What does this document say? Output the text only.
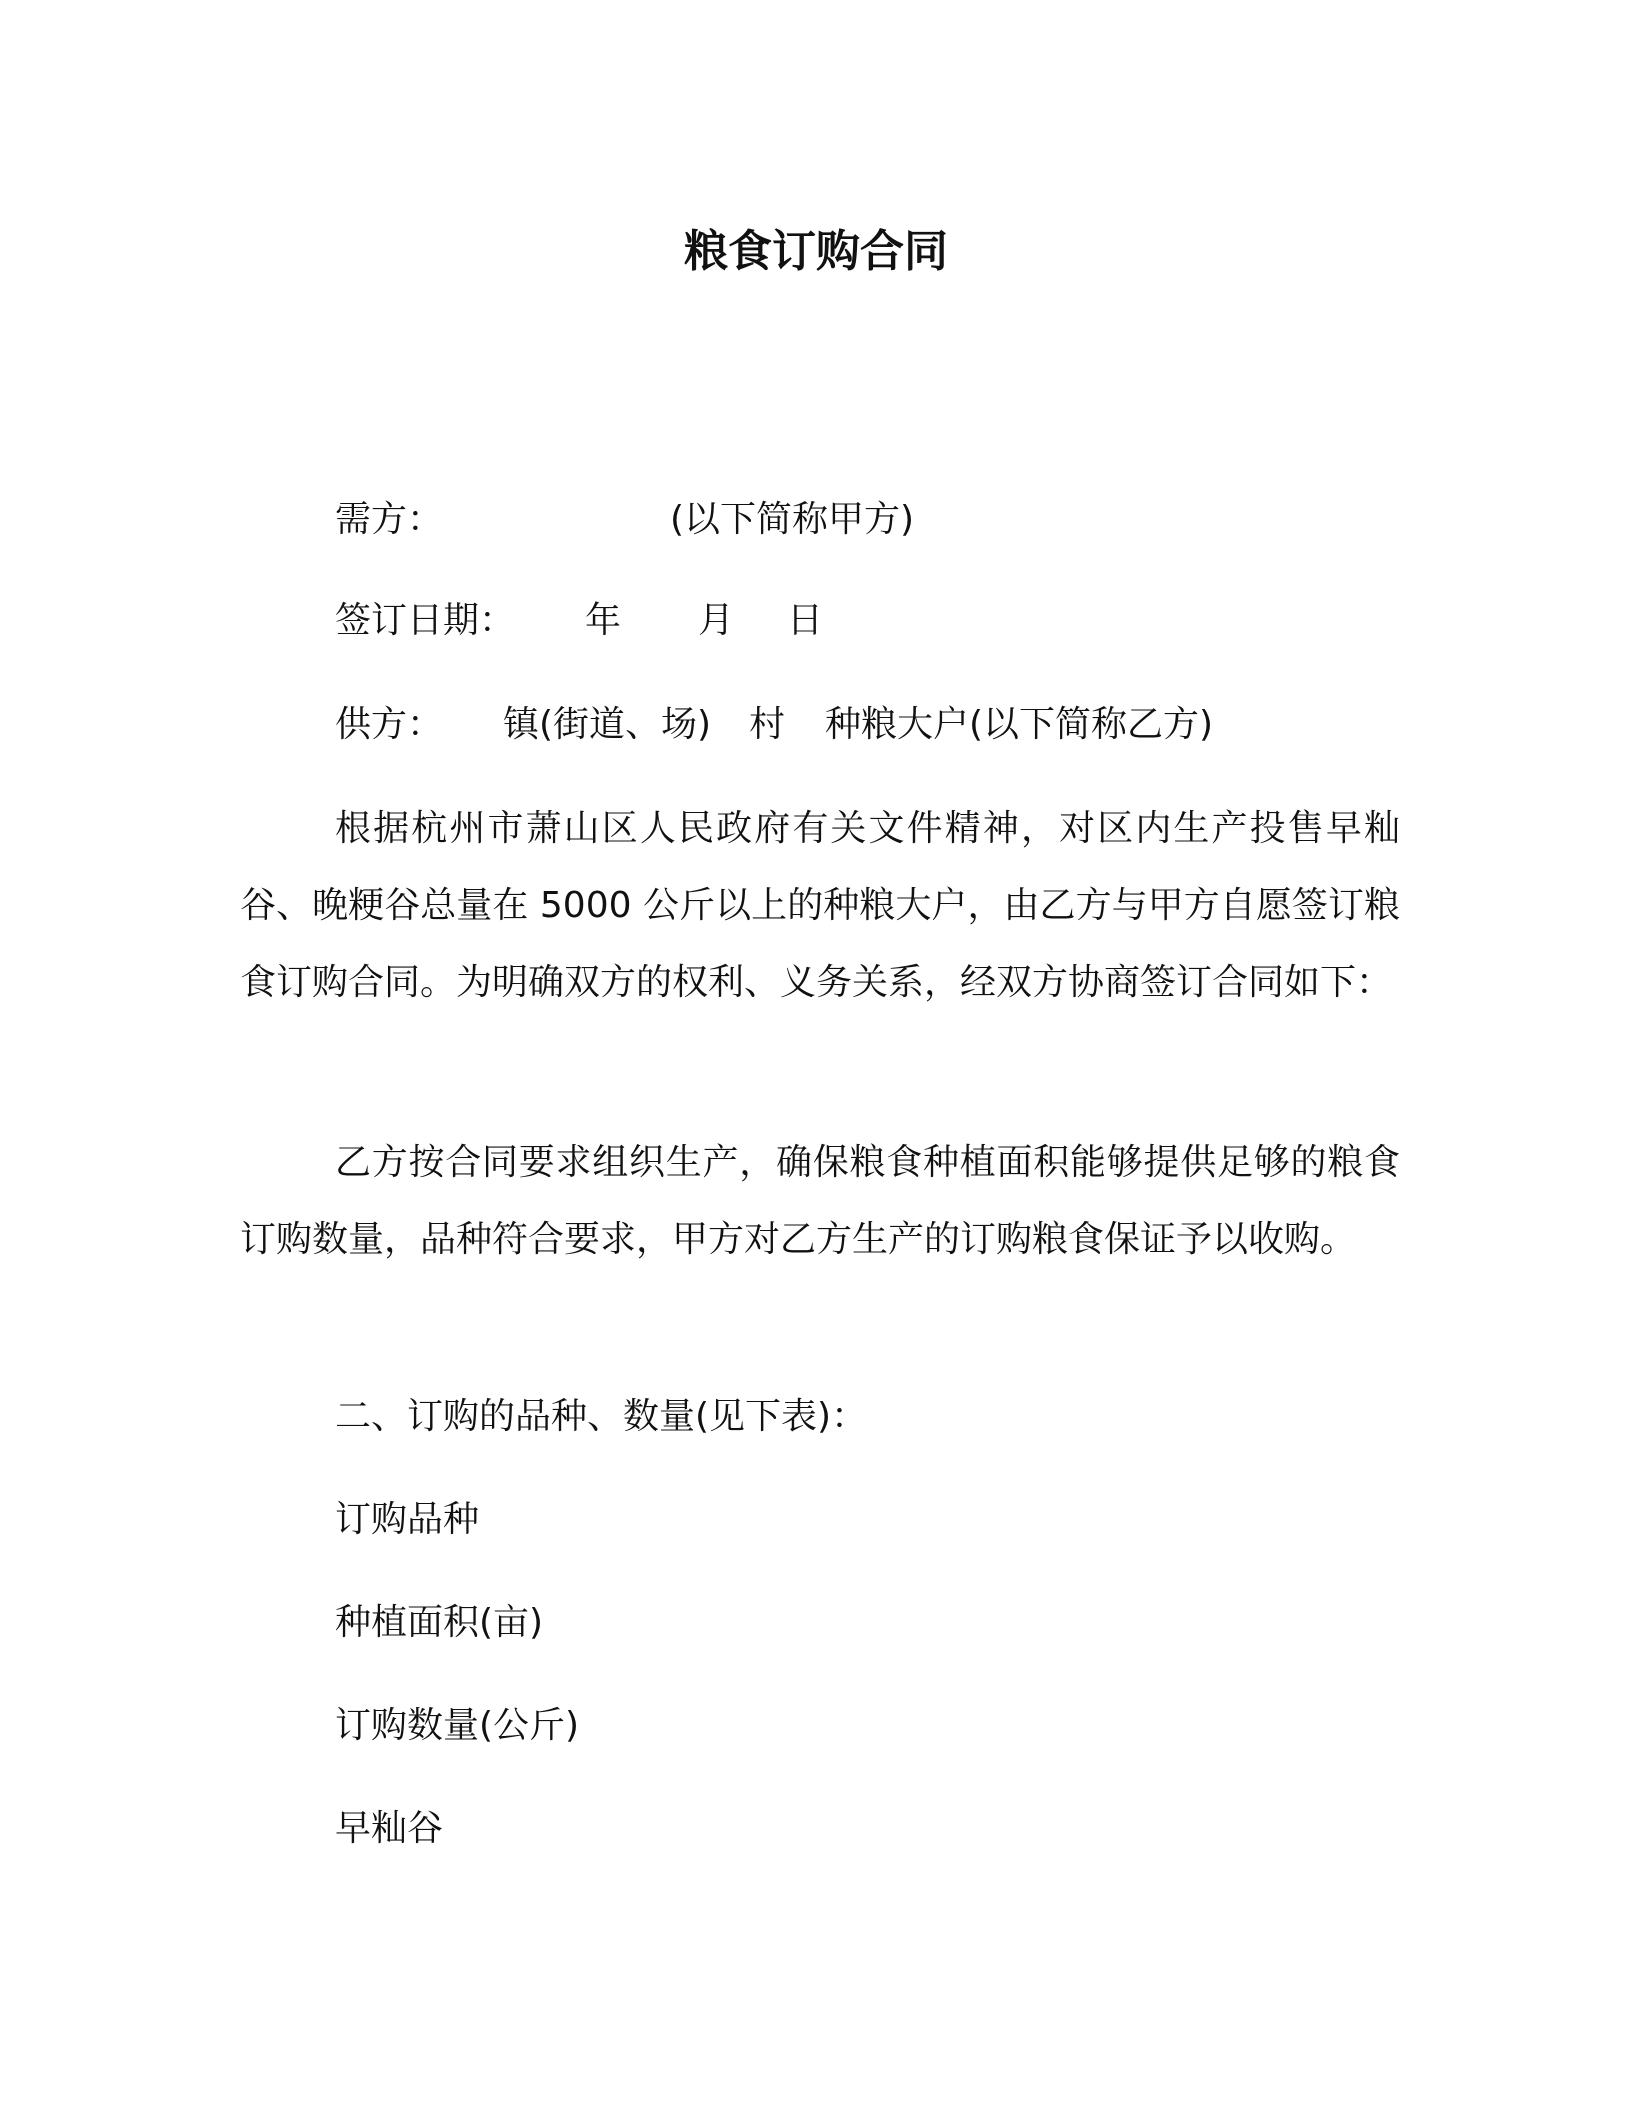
粮食订购合同
需方：	(以下简称甲方)
签订日期： 年 月 日
供方： 镇(街道、场) 村 种粮大户(以下简称乙方)

根据杭州市萧山区人民政府有关文件精神，对区内生产投售早籼谷、晚粳谷总量在 5000 公斤以上的种粮大户，由乙方与甲方自愿签订粮食订购合同。为明确双方的权利、义务关系，经双方协商签订合同如下：

乙方按合同要求组织生产，确保粮食种植面积能够提供足够的粮食订购数量，品种符合要求，甲方对乙方生产的订购粮食保证予以收购。

二、订购的品种、数量(见下表)：
订购品种
种植面积(亩)
订购数量(公斤)
早籼谷
